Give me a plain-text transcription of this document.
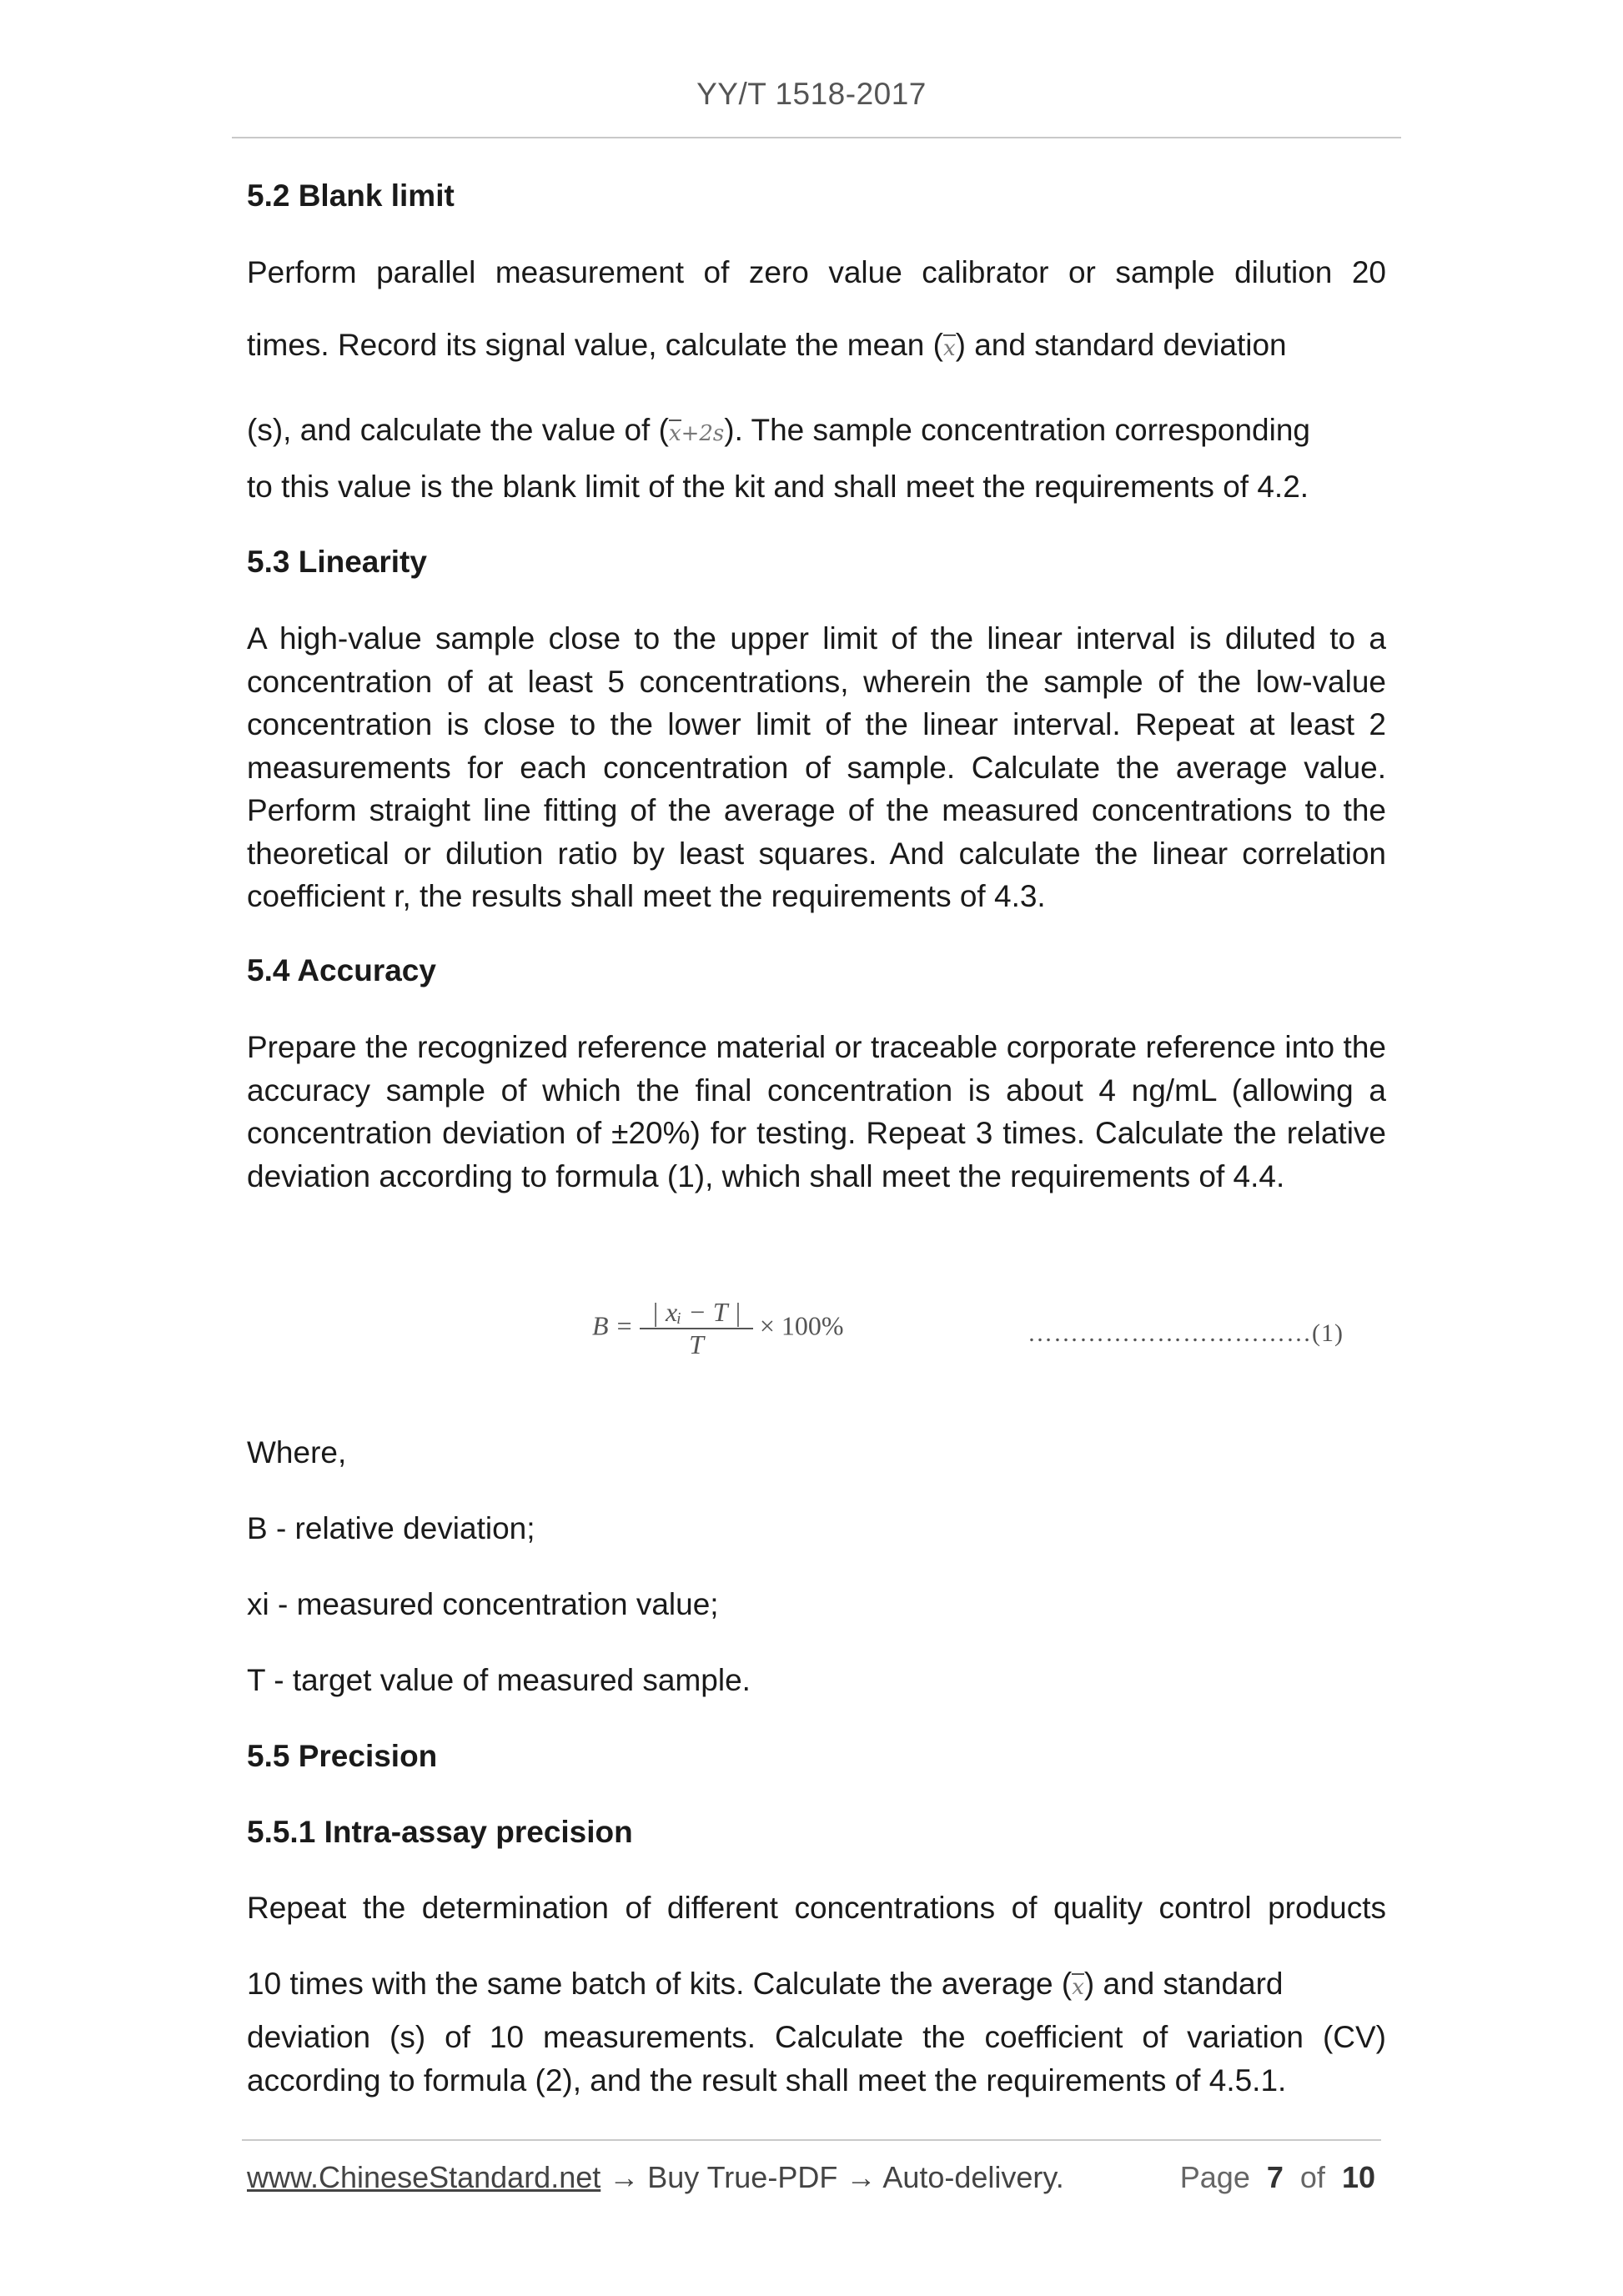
YY/T 1518-2017
5.2 Blank limit
Perform parallel measurement of zero value calibrator or sample dilution 20
times. Record its signal value, calculate the mean (x) and standard deviation
(s), and calculate the value of (x+2s). The sample concentration corresponding
to this value is the blank limit of the kit and shall meet the requirements of 4.2.
5.3 Linearity
A high-value sample close to the upper limit of the linear interval is diluted to a concentration of at least 5 concentrations, wherein the sample of the low-value concentration is close to the lower limit of the linear interval. Repeat at least 2 measurements for each concentration of sample. Calculate the average value. Perform straight line fitting of the average of the measured concentrations to the theoretical or dilution ratio by least squares. And calculate the linear correlation coefficient r, the results shall meet the requirements of 4.3.
5.4 Accuracy
Prepare the recognized reference material or traceable corporate reference into the accuracy sample of which the final concentration is about 4 ng/mL (allowing a concentration deviation of ±20%) for testing. Repeat 3 times. Calculate the relative deviation according to formula (1), which shall meet the requirements of 4.4.
Where,
B - relative deviation;
xi - measured concentration value;
T - target value of measured sample.
5.5 Precision
5.5.1 Intra-assay precision
Repeat the determination of different concentrations of quality control products
10 times with the same batch of kits. Calculate the average (x) and standard
deviation (s) of 10 measurements. Calculate the coefficient of variation (CV) according to formula (2), and the result shall meet the requirements of 4.5.1.
$B = \frac{\text{| xᵢ − T |}}{T} \times 100\%$	……………………………(1)
www.ChineseStandard.net → Buy True-PDF → Auto-delivery.	Page 7 of 10
